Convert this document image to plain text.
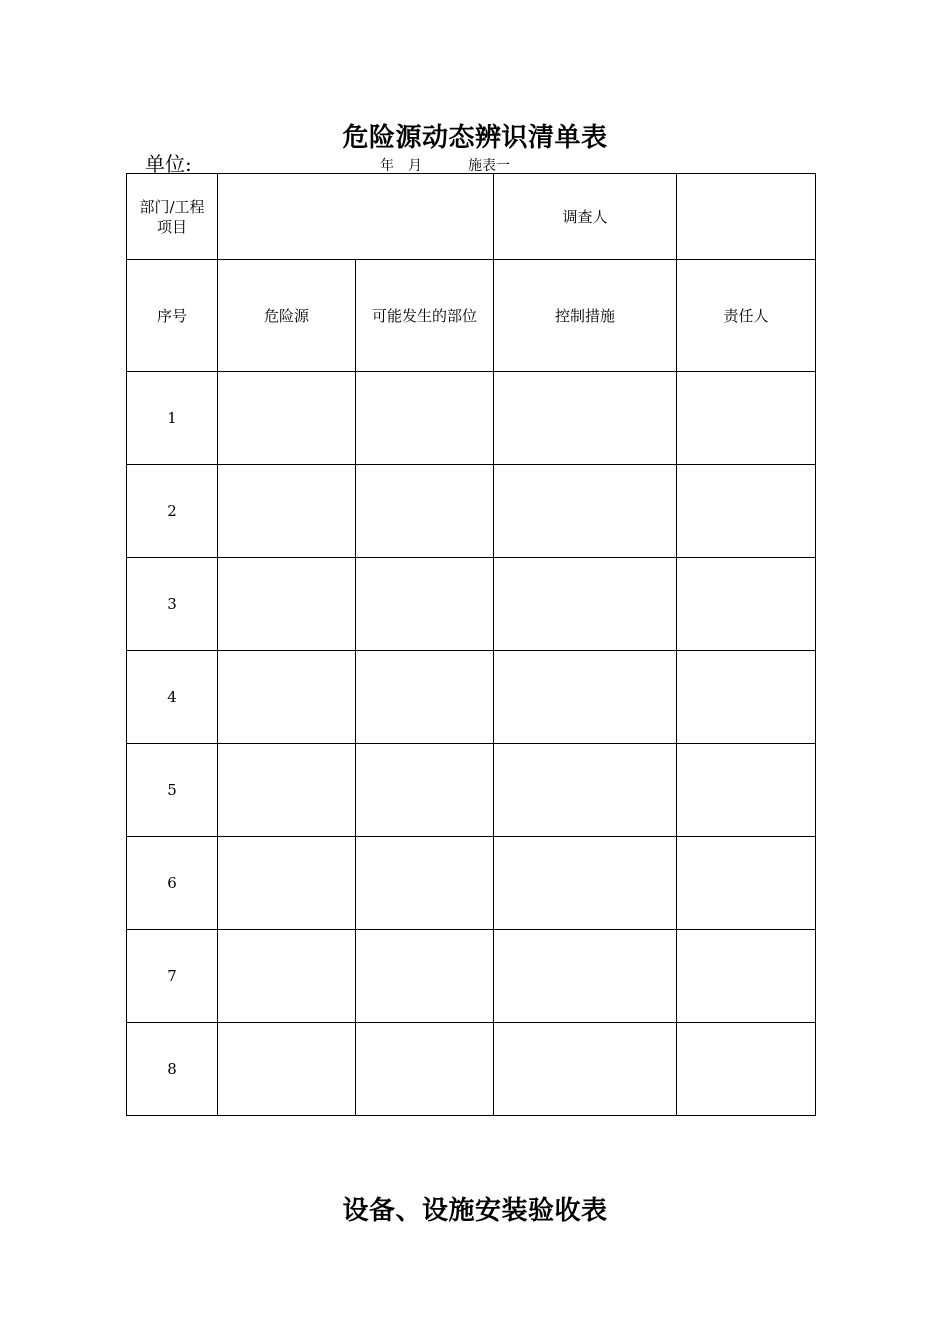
危险源动态辨识清单表
单位:	年 月	施表一
部门/工程
项目			调查人	
序号	危险源	可能发生的部位	控制措施	责任人
1				
2				
3				
4				
5				
6				
7				
8				
设备、设施安装验收表
